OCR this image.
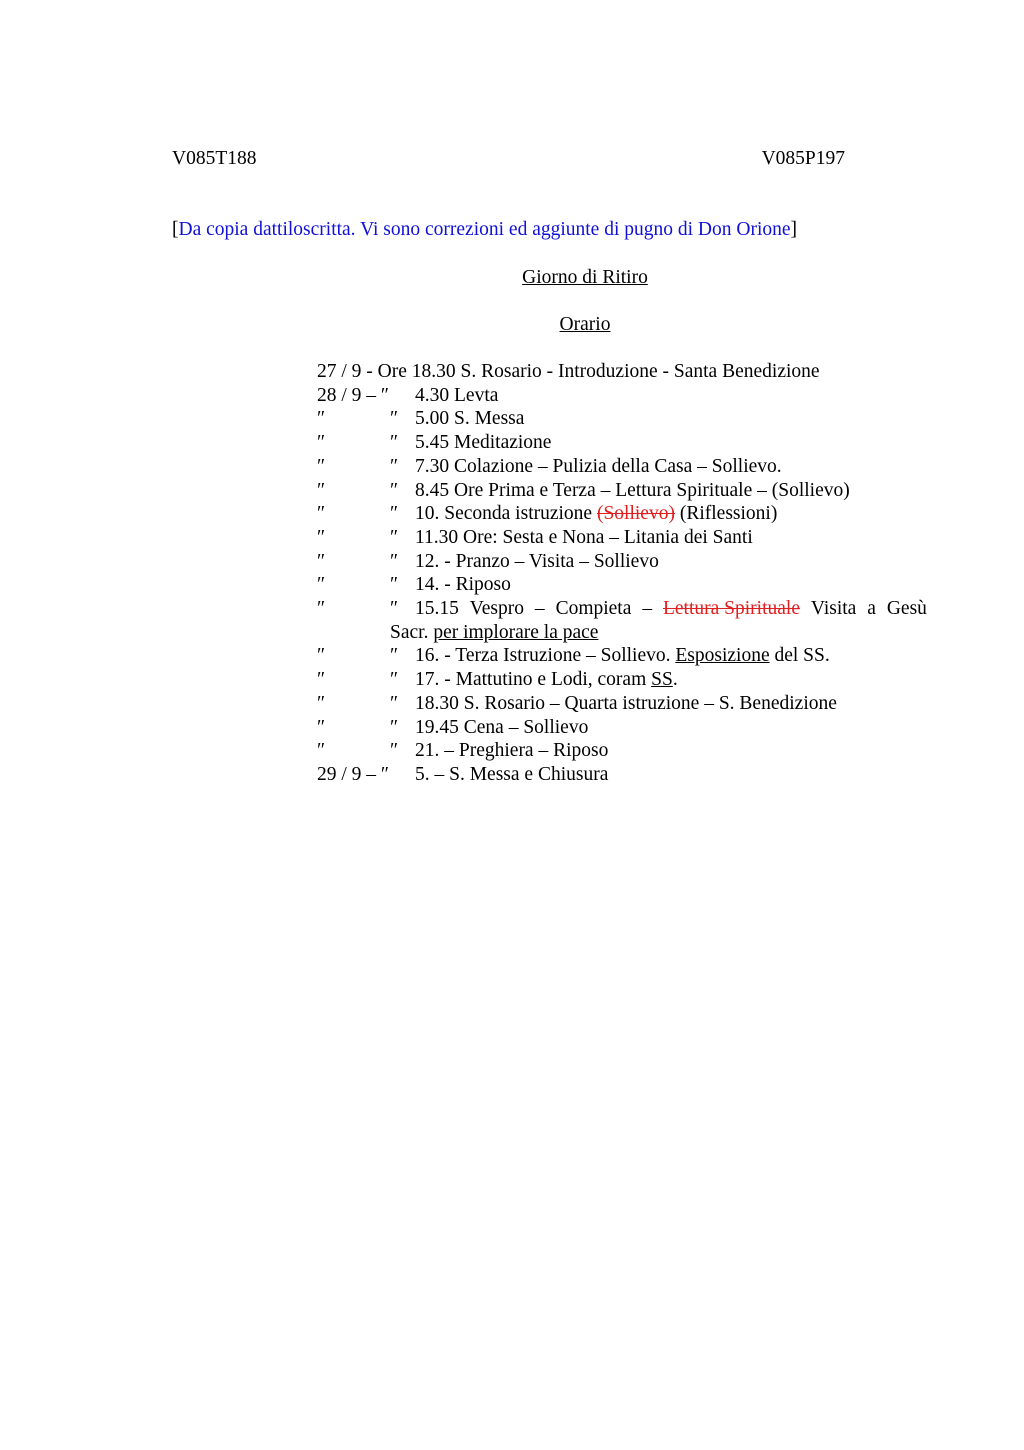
V085T188	V085P197
[Da copia dattiloscritta. Vi sono correzioni ed aggiunte di pugno di Don Orione]
Giorno di Ritiro
Orario
27 / 9 - Ore 18.30 S. Rosario - Introduzione - Santa Benedizione
28 / 9 – ″ 4.30 Levta
″	″ 5.00 S. Messa
″	″ 5.45 Meditazione
″	″ 7.30 Colazione – Pulizia della Casa – Sollievo.
″	″ 8.45 Ore Prima e Terza – Lettura Spirituale – (Sollievo)
″	″ 10. Seconda istruzione (Sollievo) (Riflessioni)
″	″ 11.30 Ore: Sesta e Nona – Litania dei Santi
″	″ 12. - Pranzo – Visita – Sollievo
″	″ 14. - Riposo
″	″ 15.15 Vespro – Compieta – Lettura Spirituale Visita a Gesù
Sacr.
per implorare la pace
″	″ 16. - Terza Istruzione – Sollievo. Esposizione del SS.
″	″ 17. - Mattutino e Lodi, coram SS.
″	″ 18.30 S. Rosario – Quarta istruzione – S. Benedizione
″	″ 19.45 Cena – Sollievo
″	″ 21. – Preghiera – Riposo
29 / 9 – ″ 5. – S. Messa e Chiusura
